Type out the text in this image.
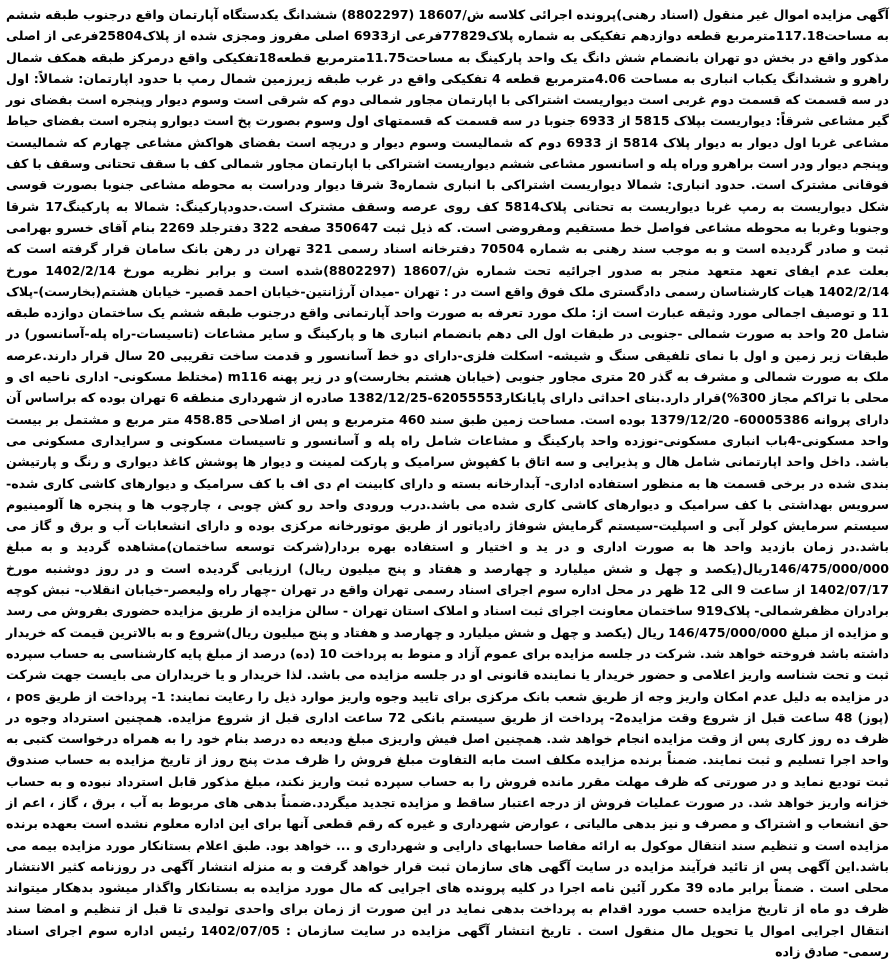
آگهی مزایده اموال غیر منقول (اسناد رهنی)پرونده اجرائی کلاسه ش/18607 (8802297) ششدانگ یکدستگاه آپارتمان واقع درجنوب طبقه ششم به مساحت117.18مترمربع قطعه دوازدهم تفکیکی به شماره پلاک77829فرعی از6933 اصلی مفروز ومجزی شده از پلاک25804فرعی از اصلی مذکور واقع در بخش دو تهران بانضمام شش دانگ یک واحد پارکینگ به مساحت11.75مترمربع قطعه18تفکیکی واقع درمرکز طبقه همکف شمال راهرو و ششدانگ یکباب انباری به مساحت 4.06مترمربع قطعه 4 تفکیکی واقع در غرب طبقه زیرزمین شمال رمپ با حدود اپارتمان: شمالاً: اول در سه قسمت که قسمت دوم غربی است دیواریست اشتراکی با اپارتمان مجاور شمالی دوم که شرقی است وسوم دیوار وپنجره است بفضای نور گیر مشاعی شرقاً: دیواریست بپلاک 5815 از 6933 جنوبا در سه قسمت که قسمتهای اول وسوم بصورت پخ است دیوارو پنجره است بفضای حیاط مشاعی غربا اول دیوار به دیوار پلاک 5814 از 6933 دوم که شمالیست وسوم دیوار و دریچه است بفضای هواکش مشاعی چهارم که شمالیست وپنجم دیوار ودر است براهرو وراه پله و اسانسور مشاعی ششم دیواریست اشتراکی با اپارتمان مجاور شمالی کف با سقف تحتانی وسقف با کف فوقانی مشترک است. حدود انباری: شمالا دیواریست اشتراکی با انباری شماره3 شرقا دیوار ودراست به محوطه مشاعی جنوبا بصورت قوسی شکل دیواریست به رمپ غربا دیواریست به تحتانی پلاک5814 کف روی عرصه وسقف مشترک است.حدودپارکینگ: شمالا به پارکینگ17 شرقا وجنوبا وغربا به محوطه مشاعی فواصل خط مستقیم ومفروضی است. که ذیل ثبت 350647 صفحه 322 دفترجلد 2269 بنام آقای خسرو بهرامی ثبت و صادر گردیده است و به موجب سند رهنی به شماره 70504 دفترخانه اسناد رسمی 321 تهران در رهن بانک سامان قرار گرفته است که بعلت عدم ایفای تعهد متعهد منجر به صدور اجرائیه تحت شماره ش/18607 (8802297)شده است و برابر نظریه مورخ 1402/2/14 مورخ 1402/2/14 هیات کارشناسان رسمی دادگستری ملک فوق واقع است در : تهران -میدان آرژانتین-خیابان احمد قصیر- خیابان هشتم(بخارست)-پلاک 11 و توصیف اجمالی مورد وثیقه عبارت است از: ملک مورد تعرفه به صورت واحد آپارتمانی واقع درجنوب طبقه ششم یک ساختمان دوازده طبقه شامل 20 واحد به صورت شمالی -جنوبی در طبقات اول الی دهم بانضمام انباری ها و پارکینگ و سایر مشاعات (تاسیسات-راه پله-آسانسور) در طبقات زیر زمین و اول با نمای تلفیقی سنگ و شیشه- اسکلت فلزی-دارای دو خط آسانسور و قدمت ساخت تقریبی 20 سال قرار دارند.عرصه ملک به صورت شمالی و مشرف به گذر 20 متری مجاور جنوبی (خیابان هشتم بخارست)و در زیر پهنه m116 (مختلط مسکونی- اداری ناحیه ای و محلی با تراکم مجاز 300%)قرار دارد.بنای احداثی دارای پایانکار62055553-1382/12/25 صادره از شهرداری منطقه 6 تهران بوده که براساس آن دارای پروانه 60005386- 1379/12/20 بوده است. مساحت زمین طبق سند 460 مترمربع و پس از اصلاحی 458.85 متر مربع و مشتمل بر بیست واحد مسکونی-4باب انباری مسکونی-نوزده واحد پارکینگ و مشاعات شامل راه پله و آسانسور و تاسیسات مسکونی و سرایداری مسکونی می باشد. داخل واحد اپارتمانی شامل هال و پذیرایی و سه اتاق با کفپوش سرامیک و پارکت لمینت و دیوار ها پوشش کاغذ دیواری و رنگ و پارتیشن بندی شده در برخی قسمت ها به منظور استفاده اداری- آبدارخانه بسته و دارای کابینت ام دی اف با کف سرامیک و دیوارهای کاشی کاری شده-سرویس بهداشتی با کف سرامیک و دیوارهای کاشی کاری شده می باشد.درب ورودی واحد رو کش چوبی ، چارچوب ها و پنجره ها آلومینیوم سیستم سرمایش کولر آبی و اسپلیت-سیستم گرمایش شوفاژ رادیاتور از طریق موتورخانه مرکزی بوده و دارای انشعابات آب و برق و گاز می باشد.در زمان بازدید واحد ها به صورت اداری و در ید و اختیار و استفاده بهره بردار(شرکت توسعه ساختمان)مشاهده گردید و به مبلغ 146/475/000/000ریال(یکصد و چهل و شش میلیارد و چهارصد و هفتاد و پنج میلیون ریال) ارزیابی گردیده است و در روز دوشنبه مورخ 1402/07/17 از ساعت 9 الی 12 ظهر در محل اداره سوم اجرای اسناد رسمی تهران واقع در تهران -چهار راه ولیعصر-خیابان انقلاب- نبش کوچه برادران مظفرشمالی- پلاک919 ساختمان معاونت اجرای ثبت اسناد و املاک استان تهران - سالن مزایده از طریق مزایده حضوری بفروش می رسد و مزایده از مبلغ 146/475/000/000 ریال (یکصد و چهل و شش میلیارد و چهارصد و هفتاد و پنج میلیون ریال)شروع و به بالاترین قیمت که خریدار داشته باشد فروخته خواهد شد. شرکت در جلسه مزایده برای عموم آزاد و منوط به پرداخت 10 (ده) درصد از مبلغ پایه کارشناسی به حساب سپرده ثبت و تحت شناسه واریز اعلامی و حضور خریدار یا نماینده قانونی او در جلسه مزایده می باشد. لذا خریدار و یا خریداران می بایست جهت شرکت در مزایده به دلیل عدم امکان واریز وجه از طریق شعب بانک مرکزی برای تایید وجوه واریز موارد ذیل را رعایت نمایند: 1- پرداخت از طریق pos ، (پوز) 48 ساعت قبل از شروع وقت مزایده2- پرداخت از طریق سیستم بانکی 72 ساعت اداری قبل از شروع مزایده. همچنین استرداد وجوه در ظرف ده روز کاری پس از وقت مزایده انجام خواهد شد. همچنین اصل فیش واریزی مبلغ ودیعه ده درصد بنام خود را به همراه درخواست کتبی به واحد اجرا تسلیم و ثبت نمایند. ضمناً برنده مزایده مکلف است مابه التفاوت مبلغ فروش را ظرف مدت پنج روز از تاریخ مزایده به حساب صندوق ثبت تودیع نماید و در صورتی که ظرف مهلت مقرر مانده فروش را به حساب سپرده ثبت واریز نکند، مبلغ مذکور قابل استرداد نبوده و به حساب خزانه واریز خواهد شد. در صورت عملیات فروش از درجه اعتبار ساقط و مزایده تجدید میگردد.ضمناً بدهی های مربوط به آب ، برق ، گاز ، اعم از حق انشعاب و اشتراک و مصرف و نیز بدهی مالیاتی ، عوارض شهرداری و غیره که رقم قطعی آنها برای این اداره معلوم نشده است بعهده برنده مزایده است و تنظیم سند انتقال موکول به ارائه مفاصا حسابهای دارایی و شهرداری و ... خواهد بود. طبق اعلام بستانکار مورد مزایده بیمه می باشد.این آگهی پس از تائید فرآیند مزایده در سایت آگهی های سازمان ثبت قرار خواهد گرفت و به منزله انتشار آگهی در روزنامه کثیر الانتشار محلی است . ضمناً برابر ماده 39 مکرر آئین نامه اجرا در کلیه پرونده های اجرایی که مال مورد مزایده به بستانکار واگذار میشود بدهکار میتواند ظرف دو ماه از تاریخ مزایده حسب مورد اقدام به پرداخت بدهی نماید در این صورت از زمان برای واحدی تولیدی تا قبل از تنظیم و امضا سند انتقال اجرایی اموال یا تحویل مال منقول است . تاریخ انتشار آگهی مزایده در سایت سازمان : 1402/07/05 رئیس اداره سوم اجرای اسناد رسمی- صادق زاده
